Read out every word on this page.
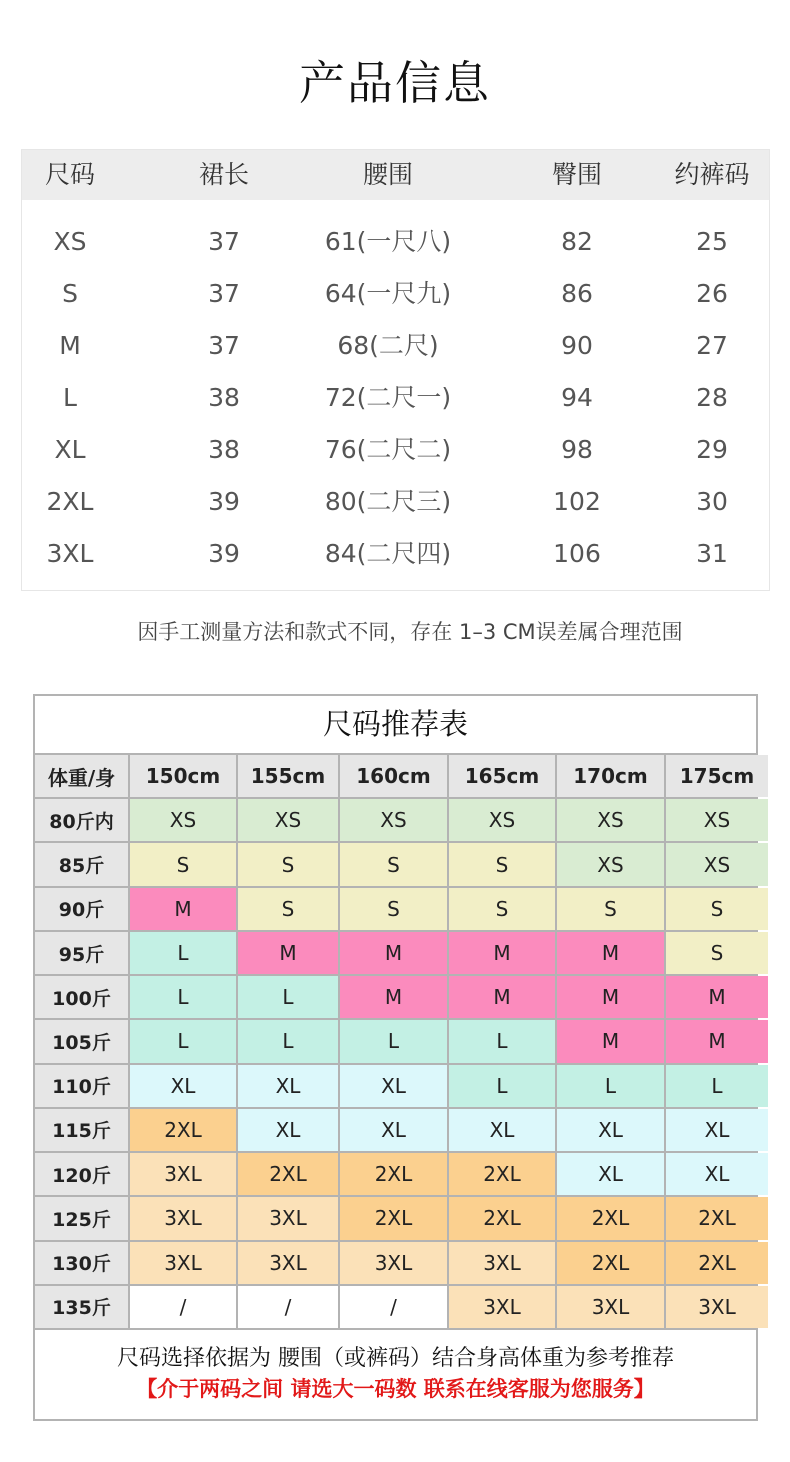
产品信息
尺码	裙长	腰围	臀围	约裤码
XS	37	61(一尺八)	82	25
S	37	64(一尺九)	86	26
M	37	68(二尺)	90	27
L	38	72(二尺一)	94	28
XL	38	76(二尺二)	98	29
2XL	39	80(二尺三)	102	30
3XL	39	84(二尺四)	106	31
因手工测量方法和款式不同，存在 1–3 CM误差属合理范围
尺码推荐表
体重/身	150cm	155cm	160cm	165cm	170cm	175cm
80斤内	XS	XS	XS	XS	XS	XS
85斤	S	S	S	S	XS	XS
90斤	M	S	S	S	S	S
95斤	L	M	M	M	M	S
100斤	L	L	M	M	M	M
105斤	L	L	L	L	M	M
110斤	XL	XL	XL	L	L	L
115斤	2XL	XL	XL	XL	XL	XL
120斤	3XL	2XL	2XL	2XL	XL	XL
125斤	3XL	3XL	2XL	2XL	2XL	2XL
130斤	3XL	3XL	3XL	3XL	2XL	2XL
135斤	/	/	/	3XL	3XL	3XL
尺码选择依据为 腰围（或裤码）结合身高体重为参考推荐
【介于两码之间 请选大一码数 联系在线客服为您服务】
